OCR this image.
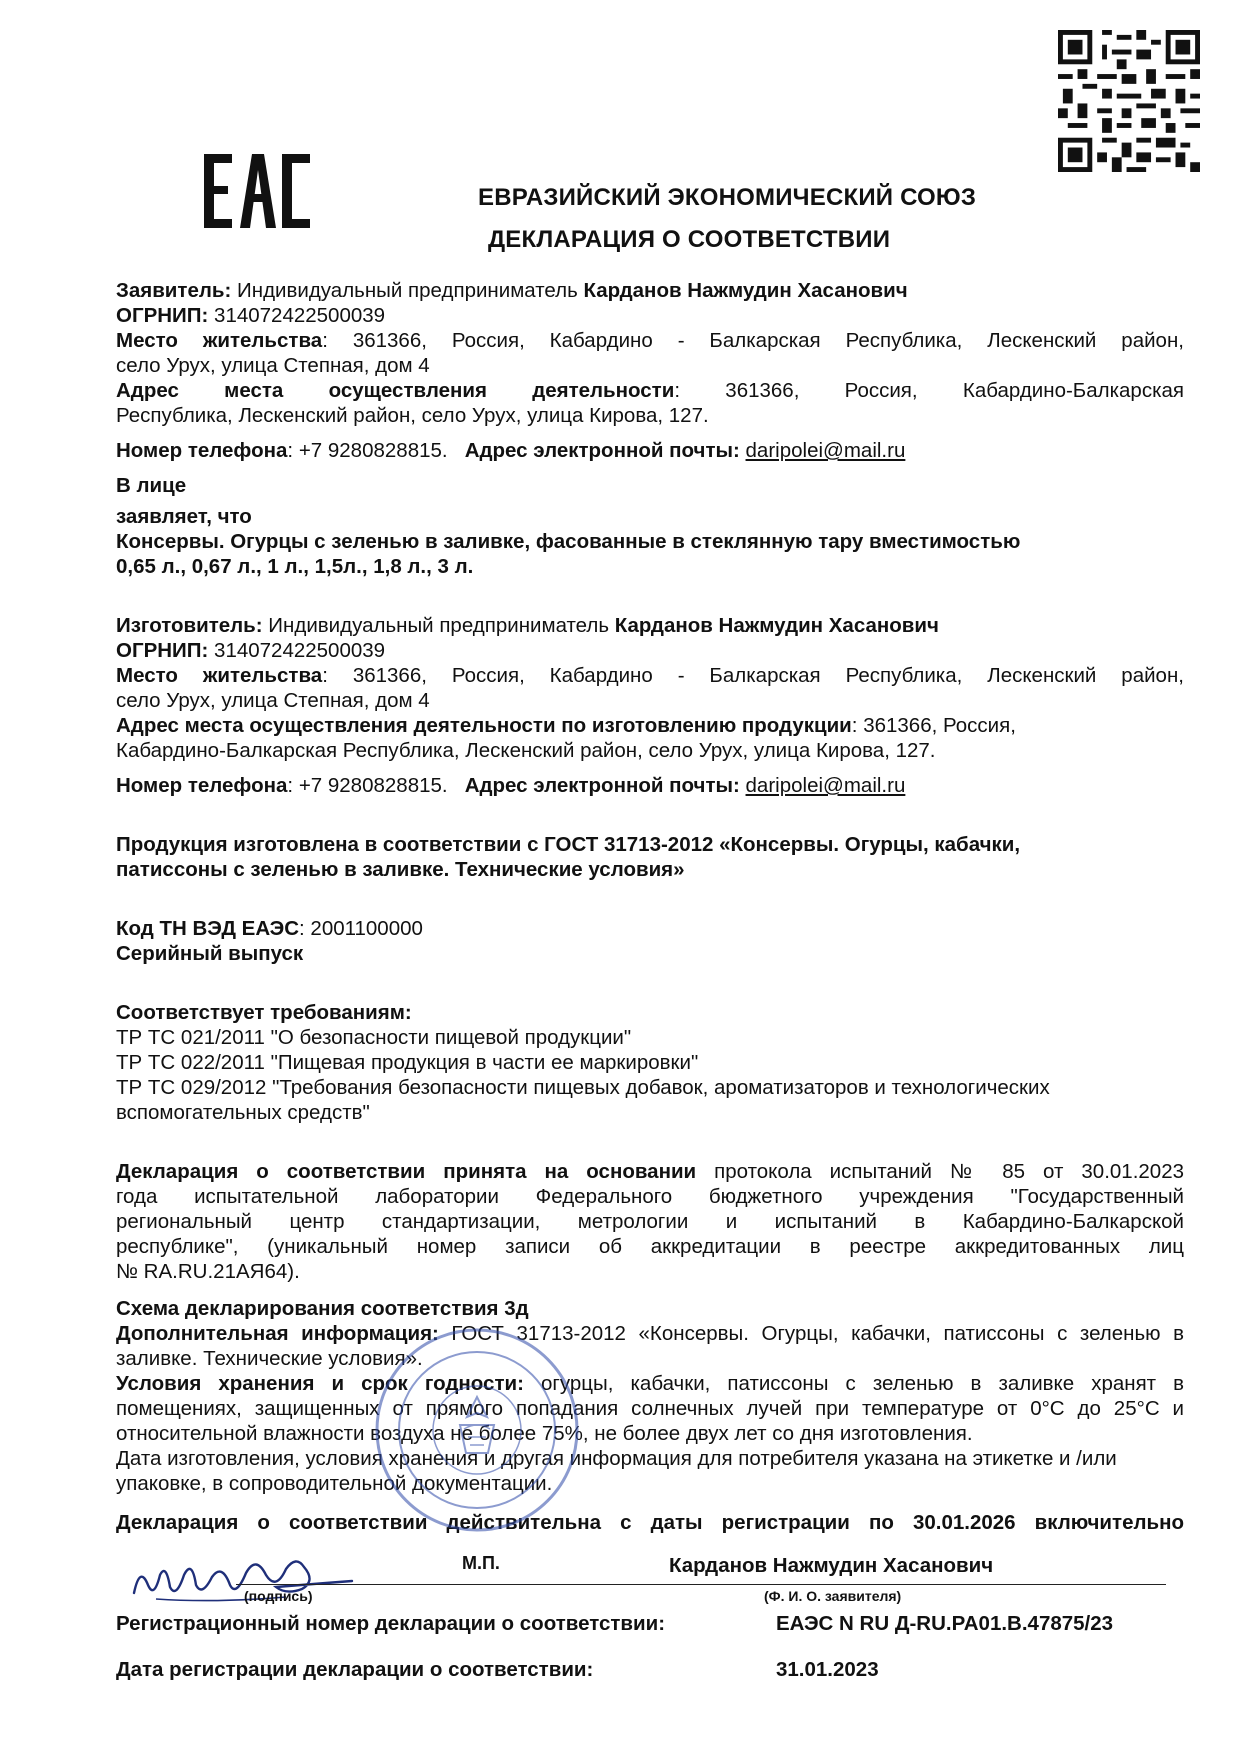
ЕВРАЗИЙСКИЙ ЭКОНОМИЧЕСКИЙ СОЮЗ
ДЕКЛАРАЦИЯ О СООТВЕТСТВИИ

Заявитель: Индивидуальный предприниматель Карданов Нажмудин Хасанович

ОГРНИП: 314072422500039

Место жительства: 361366, Россия, Кабардино - Балкарская Республика, Лескенский район,

село Урух, улица Степная, дом 4

Адрес места осуществления деятельности: 361366, Россия, Кабардино-Балкарская

Республика, Лескенский район, село Урух, улица Кирова, 127.

Номер телефона: +7 9280828815. Адрес электронной почты: daripolei@mail.ru

В лице

заявляет, что

Консервы. Огурцы с зеленью в заливке, фасованные в стеклянную тару вместимостью

0,65 л., 0,67 л., 1 л., 1,5л., 1,8 л., 3 л.

Изготовитель: Индивидуальный предприниматель Карданов Нажмудин Хасанович

ОГРНИП: 314072422500039

Место жительства: 361366, Россия, Кабардино - Балкарская Республика, Лескенский район,

село Урух, улица Степная, дом 4

Адрес места осуществления деятельности по изготовлению продукции: 361366, Россия,

Кабардино-Балкарская Республика, Лескенский район, село Урух, улица Кирова, 127.

Номер телефона: +7 9280828815. Адрес электронной почты: daripolei@mail.ru

Продукция изготовлена в соответствии с ГОСТ 31713-2012 «Консервы. Огурцы, кабачки,

патиссоны с зеленью в заливке. Технические условия»

Код ТН ВЭД ЕАЭС: 2001100000

Серийный выпуск

Соответствует требованиям:

ТР ТС 021/2011 "О безопасности пищевой продукции"

ТР ТС 022/2011 "Пищевая продукция в части ее маркировки"

ТР ТС 029/2012 "Требования безопасности пищевых добавок, ароматизаторов и технологических

вспомогательных средств"

Декларация о соответствии принята на основании протокола испытаний № 85 от 30.01.2023

года испытательной лаборатории Федерального бюджетного учреждения "Государственный

региональный центр стандартизации, метрологии и испытаний в Кабардино-Балкарской

республике", (уникальный номер записи об аккредитации в реестре аккредитованных лиц

№ RA.RU.21АЯ64).

Схема декларирования соответствия 3д

Дополнительная информация: ГОСТ 31713-2012 «Консервы. Огурцы, кабачки, патиссоны с зеленью в

заливке. Технические условия».

Условия хранения и срок годности: огурцы, кабачки, патиссоны с зеленью в заливке хранят в

помещениях, защищенных от прямого попадания солнечных лучей при температуре от 0°С до 25°С и

относительной влажности воздуха не более 75%, не более двух лет со дня изготовления.

Дата изготовления, условия хранения и другая информация для потребителя указана на этикетке и /или

упаковке, в сопроводительной документации.

Декларация о соответствии действительна с даты регистрации по 30.01.2026 включительно

М.П.	Карданов Нажмудин Хасанович
(подпись)	(Ф. И. О. заявителя)
Регистрационный номер декларации о соответствии:	ЕАЭС N RU Д-RU.PA01.B.47875/23
Дата регистрации декларации о соответствии:	31.01.2023
